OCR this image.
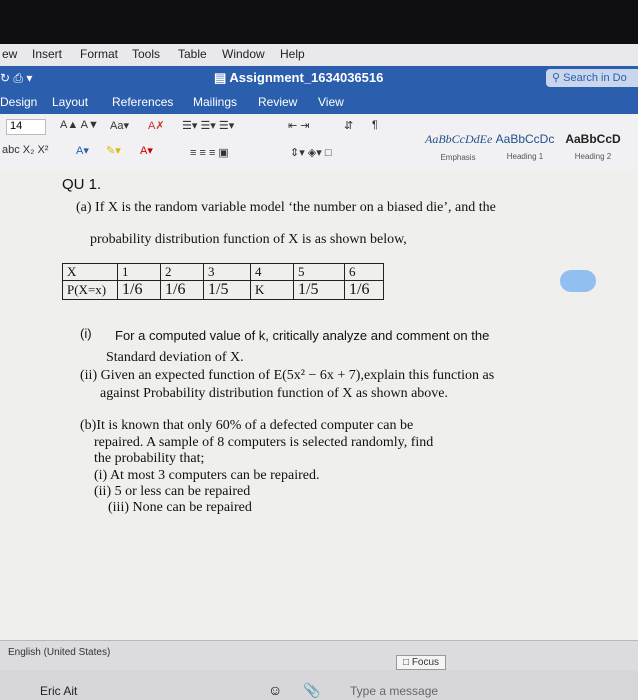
ew Insert Format Tools Table Window Help
↻ ⎙ ▾	▤ Assignment_1634036516	⚲ Search in Do
Design Layout References Mailings Review View
14	A▲ A▼ Aa▾ A✗
abc X₂ X²	A▾ ✎▾ A▾
☰▾ ☰▾ ☰▾	⇤ ⇥	⇵ ¶
≡ ≡ ≡ ▣	⇕▾ ◈▾ □
AaBbCcDdEe
Emphasis
AaBbCcDc
Heading 1
AaBbCcD
Heading 2
QU 1.
(a) If X is the random variable model ‘the number on a biased die’, and the
probability distribution function of X is as shown below,
X	1	2	3	4	5	6
P(X=x)	1/6	1/6	1/5	K	1/5	1/6
(i) For a computed value of k, critically analyze and comment on the
Standard deviation of X.
(ii) Given an expected function of E(5x² − 6x + 7),explain this function as
against Probability distribution function of X as shown above.
(b)It is known that only 60% of a defected computer can be
repaired. A sample of 8 computers is selected randomly, find
the probability that;
(i) At most 3 computers can be repaired.
(ii) 5 or less can be repaired
(iii) None can be repaired
English (United States)
□ Focus
Eric Ait	☺ 📎 Type a message
